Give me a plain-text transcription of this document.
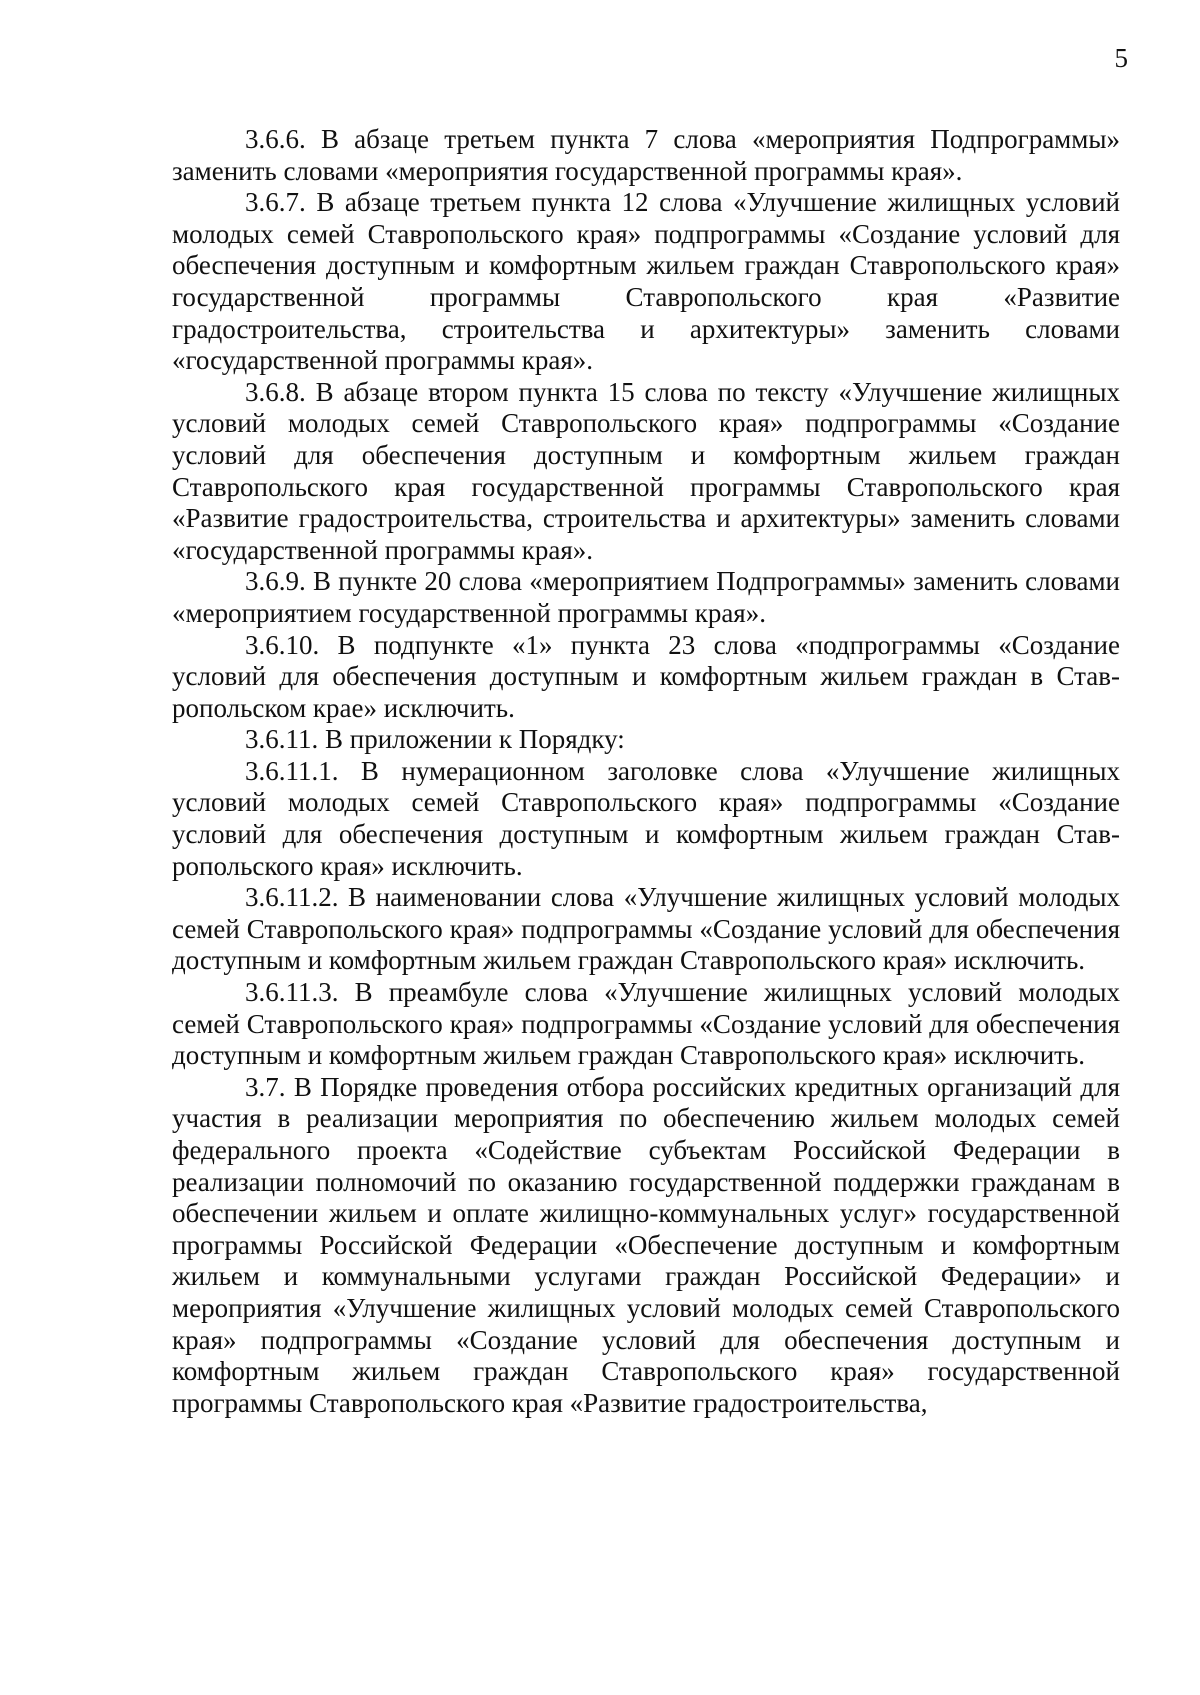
5

3.6.6. В абзаце третьем пункта 7 слова «мероприятия Подпрограммы» заменить словами «мероприятия государственной программы края».

3.6.7. В абзаце третьем пункта 12 слова «Улучшение жилищных условий молодых семей Ставропольского края» подпрограммы «Создание условий для обеспечения доступным и комфортным жильем граждан Ставропольского края» государственной программы Ставропольского края «Развитие градостроительства, строительства и архитектуры» заменить словами «государственной программы края».

3.6.8. В абзаце втором пункта 15 слова по тексту «Улучшение жилищных условий молодых семей Ставропольского края» подпрограммы «Создание условий для обеспечения доступным и комфортным жильем граждан Ставропольского края государственной программы Ставропольского края «Развитие градостроительства, строительства и архитектуры» заменить словами «государственной программы края».

3.6.9. В пункте 20 слова «мероприятием Подпрограммы» заменить словами «мероприятием государственной программы края».

3.6.10. В подпункте «1» пункта 23 слова «подпрограммы «Создание условий для обеспечения доступным и комфортным жильем граждан в Ставропольском крае» исключить.

3.6.11. В приложении к Порядку:

3.6.11.1. В нумерационном заголовке слова «Улучшение жилищных условий молодых семей Ставропольского края» подпрограммы «Создание условий для обеспечения доступным и комфортным жильем граждан Ставропольского края» исключить.

3.6.11.2. В наименовании слова «Улучшение жилищных условий молодых семей Ставропольского края» подпрограммы «Создание условий для обеспечения доступным и комфортным жильем граждан Ставропольского края» исключить.

3.6.11.3. В преамбуле слова «Улучшение жилищных условий молодых семей Ставропольского края» подпрограммы «Создание условий для обеспечения доступным и комфортным жильем граждан Ставропольского края» исключить.

3.7. В Порядке проведения отбора российских кредитных организаций для участия в реализации мероприятия по обеспечению жильем молодых семей федерального проекта «Содействие субъектам Российской Федерации в реализации полномочий по оказанию государственной поддержки гражданам в обеспечении жильем и оплате жилищно-коммунальных услуг» государственной программы Российской Федерации «Обеспечение доступным и комфортным жильем и коммунальными услугами граждан Российской Федерации» и мероприятия «Улучшение жилищных условий молодых семей Ставропольского края» подпрограммы «Создание условий для обеспечения доступным и комфортным жильем граждан Ставропольского края» государственной программы Ставропольского края «Развитие градостроительства,
